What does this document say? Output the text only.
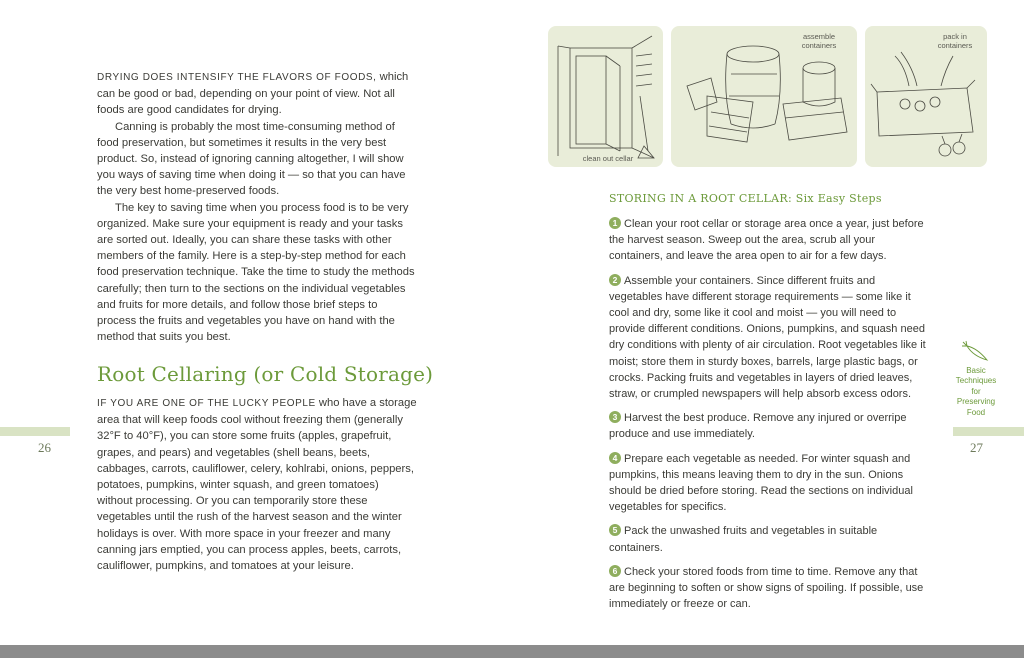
DRYING DOES INTENSIFY THE FLAVORS OF FOODS, which can be good or bad, depending on your point of view. Not all foods are good candidates for drying.

Canning is probably the most time-consuming method of food preservation, but sometimes it results in the very best product. So, instead of ignoring canning altogether, I will show you ways of saving time when doing it — so that you can have the very best home-preserved foods.

The key to saving time when you process food is to be very organized. Make sure your equipment is ready and your tasks are sorted out. Ideally, you can share these tasks with other members of the family. Here is a step-by-step method for each food preservation technique. Take the time to study the methods carefully; then turn to the sections on the individual vegetables and fruits for more details, and follow those brief steps to process the fruits and vegetables you have on hand with the method that suits you best.

Root Cellaring (or Cold Storage)

IF YOU ARE ONE OF THE LUCKY PEOPLE who have a storage area that will keep foods cool without freezing them (generally 32°F to 40°F), you can store some fruits (apples, grapefruit, grapes, and pears) and vegetables (shell beans, beets, cabbages, carrots, cauliflower, celery, kohlrabi, onions, peppers, potatoes, pumpkins, winter squash, and green tomatoes) without processing. Or you can temporarily store these vegetables until the rush of the harvest season and the winter holidays is over. With more space in your freezer and many canning jars emptied, you can process apples, beets, carrots, cauliflower, pumpkins, and tomatoes at your leisure.

26
clean out cellar
assemble containers
pack in containers
STORING IN A ROOT CELLAR: Six Easy Steps

1 Clean your root cellar or storage area once a year, just before the harvest season. Sweep out the area, scrub all your containers, and leave the area open to air for a few days.

2 Assemble your containers. Since different fruits and vegetables have different storage requirements — some like it cool and dry, some like it cool and moist — you will need to provide different conditions. Onions, pumpkins, and squash need dry conditions with plenty of air circulation. Root vegetables like it moist; store them in sturdy boxes, barrels, large plastic bags, or crocks. Packing fruits and vegetables in layers of dried leaves, straw, or crumpled newspapers will help absorb excess odors.

3 Harvest the best produce. Remove any injured or overripe produce and use immediately.

4 Prepare each vegetable as needed. For winter squash and pumpkins, this means leaving them to dry in the sun. Onions should be dried before storing. Read the sections on individual vegetables for specifics.

5 Pack the unwashed fruits and vegetables in suitable containers.

6 Check your stored foods from time to time. Remove any that are beginning to soften or show signs of spoiling. If possible, use immediately or freeze or can.

Basic Techniques for Preserving Food
27
